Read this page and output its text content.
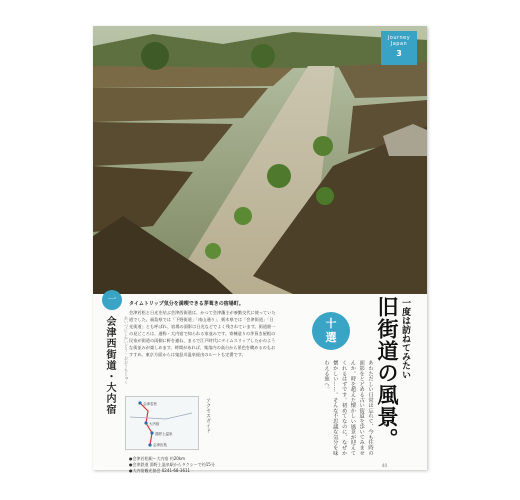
Journey
Japan
3
一
会津西街道・大内宿	あいづにしかいどう・おおうちじゅく
タイムトリップ気分を満喫できる茅葺きの宿場町。
会津若松と日光を結ぶ会津西街道は、かつて会津藩主が参勤交代に使っていた道でした。福島県では「下野街道」「南山通り」、栃木県では「会津街道」「日光街道」とも呼ばれ、宿場の面影は日光などでよく残されています。街道筋一の見どころは、通称・大内宿で知られる家並みです。寄棟造りの茅葺き屋根の民家が街道の両側に軒を連ね、まるで江戸時代にタイムスリップしたかのような街並みが楽しめます。時間があれば、集落内の高台から景色を眺めるのもおすすめ。東京方面からは鬼怒川温泉経由のルートも定番です。
会津若松
大内宿
湯野上温泉
会津田島
アクセスガイド
●会津若松駅〜大内宿 約20km
●会津鉄道 湯野上温泉駅からタクシーで約15分
●大内宿観光協会 0241-68-3611
十
選	旧街道の風景。 一度は訪ねてみたい
あわただしい日常は忘れて、今も往時の面影をとどめる古い街道を歩いてみませんか。時を超えた懐かしい風景が迎えてくれるはずです。初めてなのに、なぜか懐かしい……。そんな不思議な気分を味わえる旅へ。
40
